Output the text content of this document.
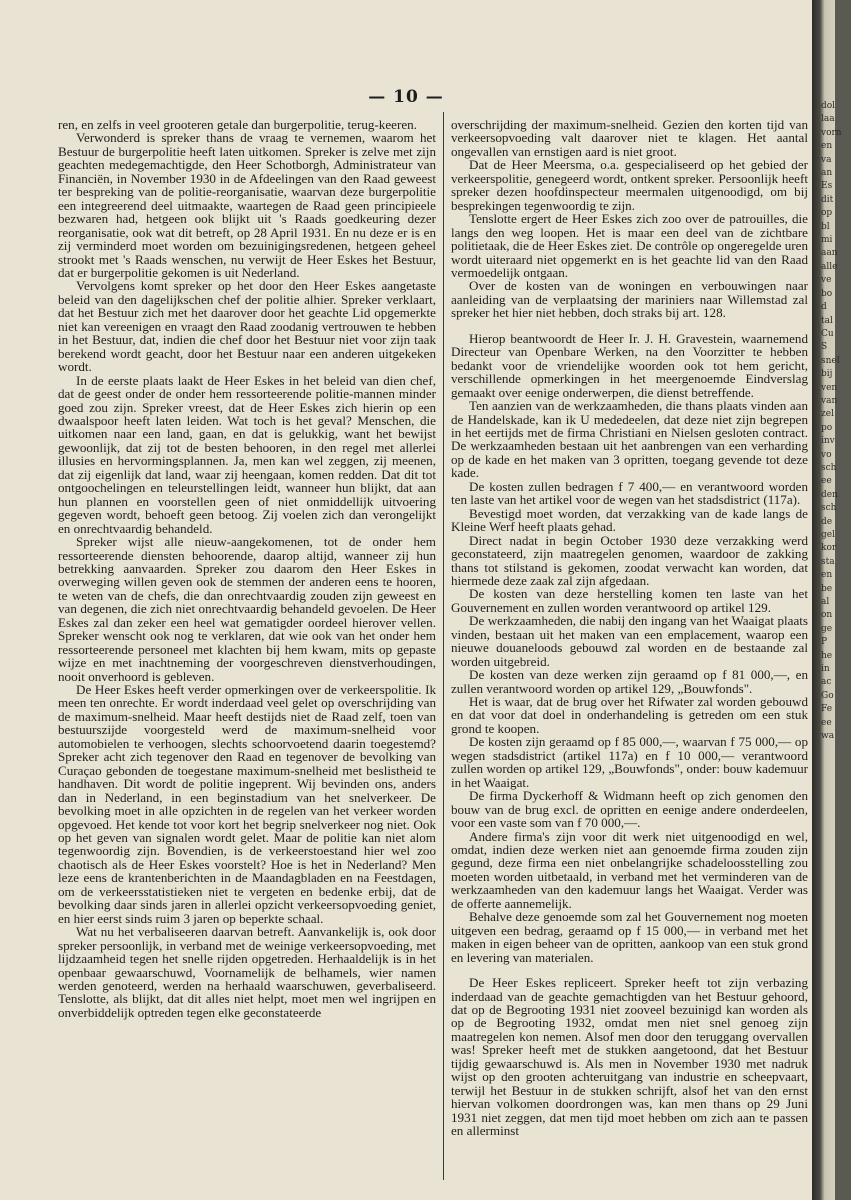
— 10 —

ren, en zelfs in veel grooteren getale dan burgerpolitie, terug-keeren.

Verwonderd is spreker thans de vraag te vernemen, waarom het Bestuur de burgerpolitie heeft laten uitkomen. Spreker is zelve met zijn geachten medegemachtigde, den Heer Schotborgh, Administrateur van Financiën, in November 1930 in de Afdeelingen van den Raad geweest ter bespreking van de politie-reorganisatie, waarvan deze burgerpolitie een integreerend deel uitmaakte, waartegen de Raad geen principieele bezwaren had, hetgeen ook blijkt uit 's Raads goedkeuring dezer reorganisatie, ook wat dit betreft, op 28 April 1931. En nu deze er is en zij verminderd moet worden om bezuinigingsredenen, hetgeen geheel strookt met 's Raads wenschen, nu verwijt de Heer Eskes het Bestuur, dat er burgerpolitie gekomen is uit Nederland.

Vervolgens komt spreker op het door den Heer Eskes aangetaste beleid van den dagelijkschen chef der politie alhier. Spreker verklaart, dat het Bestuur zich met het daarover door het geachte Lid opgemerkte niet kan vereenigen en vraagt den Raad zoodanig vertrouwen te hebben in het Bestuur, dat, indien die chef door het Bestuur niet voor zijn taak berekend wordt geacht, door het Bestuur naar een anderen uitgekeken wordt.

In de eerste plaats laakt de Heer Eskes in het beleid van dien chef, dat de geest onder de onder hem ressorteerende politie-mannen minder goed zou zijn. Spreker vreest, dat de Heer Eskes zich hierin op een dwaalspoor heeft laten leiden. Wat toch is het geval? Menschen, die uitkomen naar een land, gaan, en dat is gelukkig, want het bewijst gewoonlijk, dat zij tot de besten behooren, in den regel met allerlei illusies en hervormingsplannen. Ja, men kan wel zeggen, zij meenen, dat zij eigenlijk dat land, waar zij heengaan, komen redden. Dat dit tot ontgoochelingen en teleurstellingen leidt, wanneer hun blijkt, dat aan hun plannen en voorstellen geen of niet onmiddellijk uitvoering gegeven wordt, behoeft geen betoog. Zij voelen zich dan verongelijkt en onrechtvaardig behandeld.

Spreker wijst alle nieuw-aangekomenen, tot de onder hem ressorteerende diensten behoorende, daarop altijd, wanneer zij hun betrekking aanvaarden. Spreker zou daarom den Heer Eskes in overweging willen geven ook de stemmen der anderen eens te hooren, te weten van de chefs, die dan onrechtvaardig zouden zijn geweest en van degenen, die zich niet onrechtvaardig behandeld gevoelen. De Heer Eskes zal dan zeker een heel wat gematigder oordeel hierover vellen. Spreker wenscht ook nog te verklaren, dat wie ook van het onder hem ressorteerende personeel met klachten bij hem kwam, mits op gepaste wijze en met inachtneming der voorgeschreven dienstverhoudingen, nooit onverhoord is gebleven.

De Heer Eskes heeft verder opmerkingen over de verkeerspolitie. Ik meen ten onrechte. Er wordt inderdaad veel gelet op overschrijding van de maximum-snelheid. Maar heeft destijds niet de Raad zelf, toen van bestuurszijde voorgesteld werd de maximum-snelheid voor automobielen te verhoogen, slechts schoorvoetend daarin toegestemd? Spreker acht zich tegenover den Raad en tegenover de bevolking van Curaçao gebonden de toegestane maximum-snelheid met beslistheid te handhaven. Dit wordt de politie ingeprent. Wij bevinden ons, anders dan in Nederland, in een beginstadium van het snelverkeer. De bevolking moet in alle opzichten in de regelen van het verkeer worden opgevoed. Het kende tot voor kort het begrip snelverkeer nog niet. Ook op het geven van signalen wordt gelet. Maar de politie kan niet alom tegenwoordig zijn. Bovendien, is de verkeerstoestand hier wel zoo chaotisch als de Heer Eskes voorstelt? Hoe is het in Nederland? Men leze eens de krantenberichten in de Maandagbladen en na Feestdagen, om de verkeersstatistieken niet te vergeten en bedenke erbij, dat de bevolking daar sinds jaren in allerlei opzicht verkeersopvoeding geniet, en hier eerst sinds ruim 3 jaren op beperkte schaal.

Wat nu het verbaliseeren daarvan betreft. Aanvankelijk is, ook door spreker persoonlijk, in verband met de weinige verkeersopvoeding, met lijdzaamheid tegen het snelle rijden opgetreden. Herhaaldelijk is in het openbaar gewaarschuwd, Voornamelijk de belhamels, wier namen werden genoteerd, werden na herhaald waarschuwen, geverbaliseerd. Tenslotte, als blijkt, dat dit alles niet helpt, moet men wel ingrijpen en onverbiddelijk optreden tegen elke geconstateerde

overschrijding der maximum-snelheid. Gezien den korten tijd van verkeersopvoeding valt daarover niet te klagen. Het aantal ongevallen van ernstigen aard is niet groot.

Dat de Heer Meersma, o.a. gespecialiseerd op het gebied der verkeerspolitie, genegeerd wordt, ontkent spreker. Persoonlijk heeft spreker dezen hoofdinspecteur meermalen uitgenoodigd, om bij besprekingen tegenwoordig te zijn.

Tenslotte ergert de Heer Eskes zich zoo over de patrouilles, die langs den weg loopen. Het is maar een deel van de zichtbare politietaak, die de Heer Eskes ziet. De contrôle op ongeregelde uren wordt uiteraard niet opgemerkt en is het geachte lid van den Raad vermoedelijk ontgaan.

Over de kosten van de woningen en verbouwingen naar aanleiding van de verplaatsing der mariniers naar Willemstad zal spreker het hier niet hebben, doch straks bij art. 128.

Hierop beantwoordt de Heer Ir. J. H. Gravestein, waarnemend Directeur van Openbare Werken, na den Voorzitter te hebben bedankt voor de vriendelijke woorden ook tot hem gericht, verschillende opmerkingen in het meergenoemde Eindverslag gemaakt over eenige onderwerpen, die dienst betreffende.

Ten aanzien van de werkzaamheden, die thans plaats vinden aan de Handelskade, kan ik U mededeelen, dat deze niet zijn begrepen in het eertijds met de firma Christiani en Nielsen gesloten contract. De werkzaamheden bestaan uit het aanbrengen van een verharding op de kade en het maken van 3 opritten, toegang gevende tot deze kade.

De kosten zullen bedragen f 7 400,— en verantwoord worden ten laste van het artikel voor de wegen van het stadsdistrict (117a).

Bevestigd moet worden, dat verzakking van de kade langs de Kleine Werf heeft plaats gehad.

Direct nadat in begin October 1930 deze verzakking werd geconstateerd, zijn maatregelen genomen, waardoor de zakking thans tot stilstand is gekomen, zoodat verwacht kan worden, dat hiermede deze zaak zal zijn afgedaan.

De kosten van deze herstelling komen ten laste van het Gouvernement en zullen worden verantwoord op artikel 129.

De werkzaamheden, die nabij den ingang van het Waaigat plaats vinden, bestaan uit het maken van een emplacement, waarop een nieuwe douaneloods gebouwd zal worden en de bestaande zal worden uitgebreid.

De kosten van deze werken zijn geraamd op f 81 000,—, en zullen verantwoord worden op artikel 129, „Bouwfonds".

Het is waar, dat de brug over het Rifwater zal worden gebouwd en dat voor dat doel in onderhandeling is getreden om een stuk grond te koopen.

De kosten zijn geraamd op f 85 000,—, waarvan f 75 000,— op wegen stadsdistrict (artikel 117a) en f 10 000,— verantwoord zullen worden op artikel 129, „Bouwfonds", onder: bouw kademuur in het Waaigat.

De firma Dyckerhoff & Widmann heeft op zich genomen den bouw van de brug excl. de opritten en eenige andere onderdeelen, voor een vaste som van f 70 000,—.

Andere firma's zijn voor dit werk niet uitgenoodigd en wel, omdat, indien deze werken niet aan genoemde firma zouden zijn gegund, deze firma een niet onbelangrijke schadeloosstelling zou moeten worden uitbetaald, in verband met het verminderen van de werkzaamheden van den kademuur langs het Waaigat. Verder was de offerte aannemelijk.

Behalve deze genoemde som zal het Gouvernement nog moeten uitgeven een bedrag, geraamd op f 15 000,— in verband met het maken in eigen beheer van de opritten, aankoop van een stuk grond en levering van materialen.

De Heer Eskes repliceert. Spreker heeft tot zijn verbazing inderdaad van de geachte gemachtigden van het Bestuur gehoord, dat op de Begrooting 1931 niet zooveel bezuinigd kan worden als op de Begrooting 1932, omdat men niet snel genoeg zijn maatregelen kon nemen. Alsof men door den teruggang overvallen was! Spreker heeft met de stukken aangetoond, dat het Bestuur tijdig gewaarschuwd is. Als men in November 1930 met nadruk wijst op den grooten achteruitgang van industrie en scheepvaart, terwijl het Bestuur in de stukken schrijft, alsof het van den ernst hiervan volkomen doordrongen was, kan men thans op 29 Juni 1931 niet zeggen, dat men tijd moet hebben om zich aan te passen en allerminst

dol
laa
vorn
en
va
an
Es
dit
op
bl
mi
aan
alle
ve
bo
d
tal
Cu
S
snel
bij
ven
van
zel
po
inv
vo
sch
ee
den
sch
de
gel
kor
sta
en
be
al
on
ge
P
he
in
ac
Go
Fe
ee
wa
